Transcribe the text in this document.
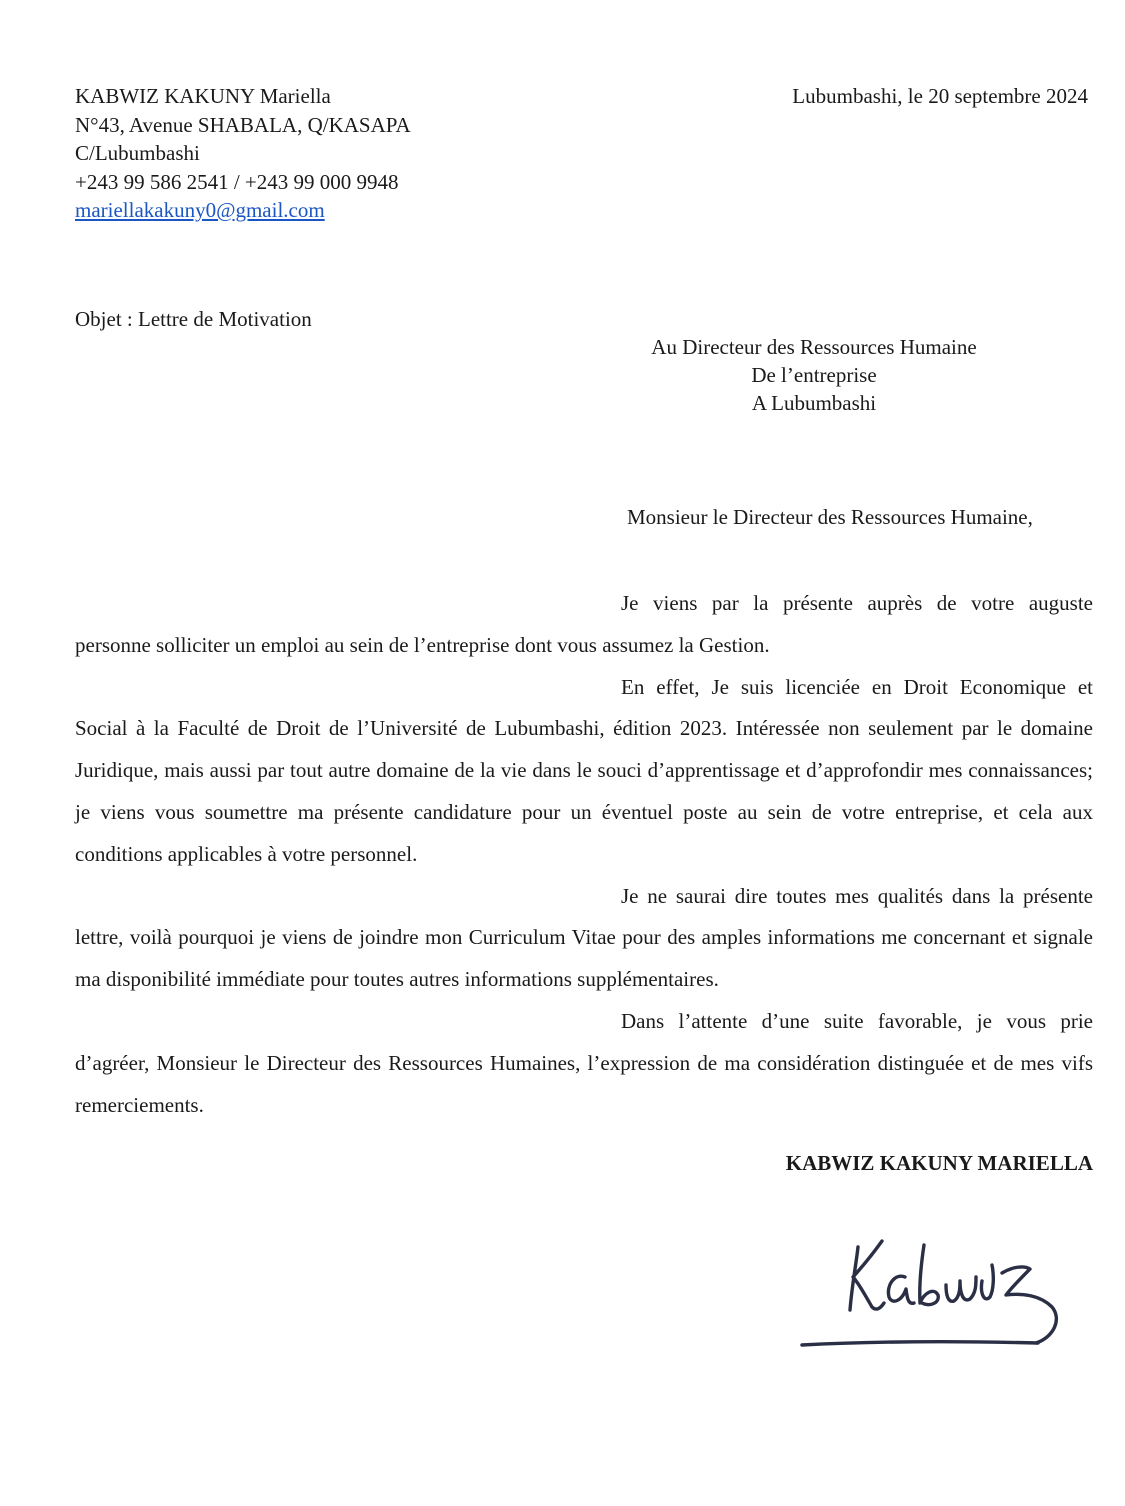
KABWIZ KAKUNY Mariella
N°43, Avenue SHABALA, Q/KASAPA
C/Lubumbashi
+243 99 586 2541 / +243 99 000 9948
mariellakakuny0@gmail.com
Lubumbashi, le 20 septembre 2024
Objet : Lettre de Motivation
Au Directeur des Ressources Humaine
De l’entreprise
A Lubumbashi
Monsieur le Directeur des Ressources Humaine,

Je viens par la présente auprès de votre auguste personne solliciter un emploi au sein de l’entreprise dont vous assumez la Gestion.

En effet, Je suis licenciée en Droit Economique et Social à la Faculté de Droit de l’Université de Lubumbashi, édition 2023. Intéressée non seulement par le domaine Juridique, mais aussi par tout autre domaine de la vie dans le souci d’apprentissage et d’approfondir mes connaissances; je viens vous soumettre ma présente candidature pour un éventuel poste au sein de votre entreprise, et cela aux conditions applicables à votre personnel.

Je ne saurai dire toutes mes qualités dans la présente lettre, voilà pourquoi je viens de joindre mon Curriculum Vitae pour des amples informations me concernant et signale ma disponibilité immédiate pour toutes autres informations supplémentaires.

Dans l’attente d’une suite favorable, je vous prie d’agréer, Monsieur le Directeur des Ressources Humaines, l’expression de ma considération distinguée et de mes vifs remerciements.

KABWIZ KAKUNY MARIELLA
